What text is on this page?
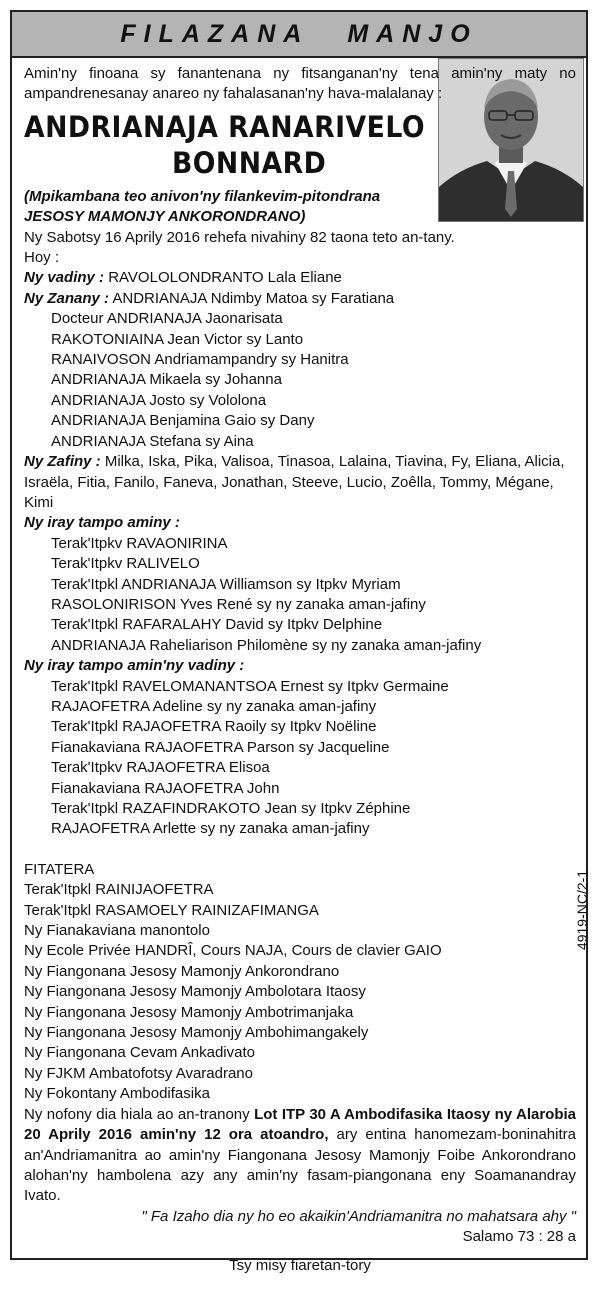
FILAZANA MANJO
Amin'ny finoana sy fanantenana ny fitsanganan'ny tena amin'ny maty no ampandrenesanay anareo ny fahalasanan'ny hava-malalanay :
ANDRIANAJA RANARIVELO
BONNARD
(Mpikambana teo anivon'ny filankevim-pitondrana
JESOSY MAMONJY ANKORONDRANO)
Ny Sabotsy 16 Aprily 2016 rehefa nivahiny 82 taona teto an-tany.
Hoy :
Ny vadiny : RAVOLOLONDRANTO Lala Eliane
Ny Zanany : ANDRIANAJA Ndimby Matoa sy Faratiana
Docteur ANDRIANAJA Jaonarisata
RAKOTONIAINA Jean Victor sy Lanto
RANAIVOSON Andriamampandry sy Hanitra
ANDRIANAJA Mikaela sy Johanna
ANDRIANAJA Josto sy Vololona
ANDRIANAJA Benjamina Gaio sy Dany
ANDRIANAJA Stefana sy Aina
Ny Zafiny : Milka, Iska, Pika, Valisoa, Tinasoa, Lalaina, Tiavina, Fy, Eliana, Alicia, Israëla, Fitia, Fanilo, Faneva, Jonathan, Steeve, Lucio, Zoêlla, Tommy, Mégane, Kimi
Ny iray tampo aminy :
Terak'Itpkv RAVAONIRINA
Terak'Itpkv RALIVELO
Terak'Itpkl ANDRIANAJA Williamson sy Itpkv Myriam
RASOLONIRISON Yves René sy ny zanaka aman-jafiny
Terak'Itpkl RAFARALAHY David sy Itpkv Delphine
ANDRIANAJA Raheliarison Philomène sy ny zanaka aman-jafiny
Ny iray tampo amin'ny vadiny :
Terak'Itpkl RAVELOMANANTSOA Ernest sy Itpkv Germaine
RAJAOFETRA Adeline sy ny zanaka aman-jafiny
Terak'Itpkl RAJAOFETRA Raoily sy Itpkv Noëline
Fianakaviana RAJAOFETRA Parson sy Jacqueline
Terak'Itpkv RAJAOFETRA Elisoa
Fianakaviana RAJAOFETRA John
Terak'Itpkl RAZAFINDRAKOTO Jean sy Itpkv Zéphine
RAJAOFETRA Arlette sy ny zanaka aman-jafiny
FITATERA
Terak'Itpkl RAINIJAOFETRA
Terak'Itpkl RASAMOELY RAINIZAFIMANGA
Ny Fianakaviana manontolo
Ny Ecole Privée HANDRÎ, Cours NAJA, Cours de clavier GAIO
Ny Fiangonana Jesosy Mamonjy Ankorondrano
Ny Fiangonana Jesosy Mamonjy Ambolotara Itaosy
Ny Fiangonana Jesosy Mamonjy Ambotrimanjaka
Ny Fiangonana Jesosy Mamonjy Ambohimangakely
Ny Fiangonana Cevam Ankadivato
Ny FJKM Ambatofotsy Avaradrano
Ny Fokontany Ambodifasika
Ny nofony dia hiala ao an-tranony Lot ITP 30 A Ambodifasika Itaosy ny Alarobia 20 Aprily 2016 amin'ny 12 ora atoandro, ary entina hanomezam-boninahitra an'Andriamanitra ao amin'ny Fiangonana Jesosy Mamonjy Foibe Ankorondrano alohan'ny hambolena azy any amin'ny fasam-piangonana eny Soamanandray Ivato.
" Fa Izaho dia ny ho eo akaikin'Andriamanitra no mahatsara ahy "
Salamo 73 : 28 a
Tsy misy fiaretan-tory
4919-NC/2-1
